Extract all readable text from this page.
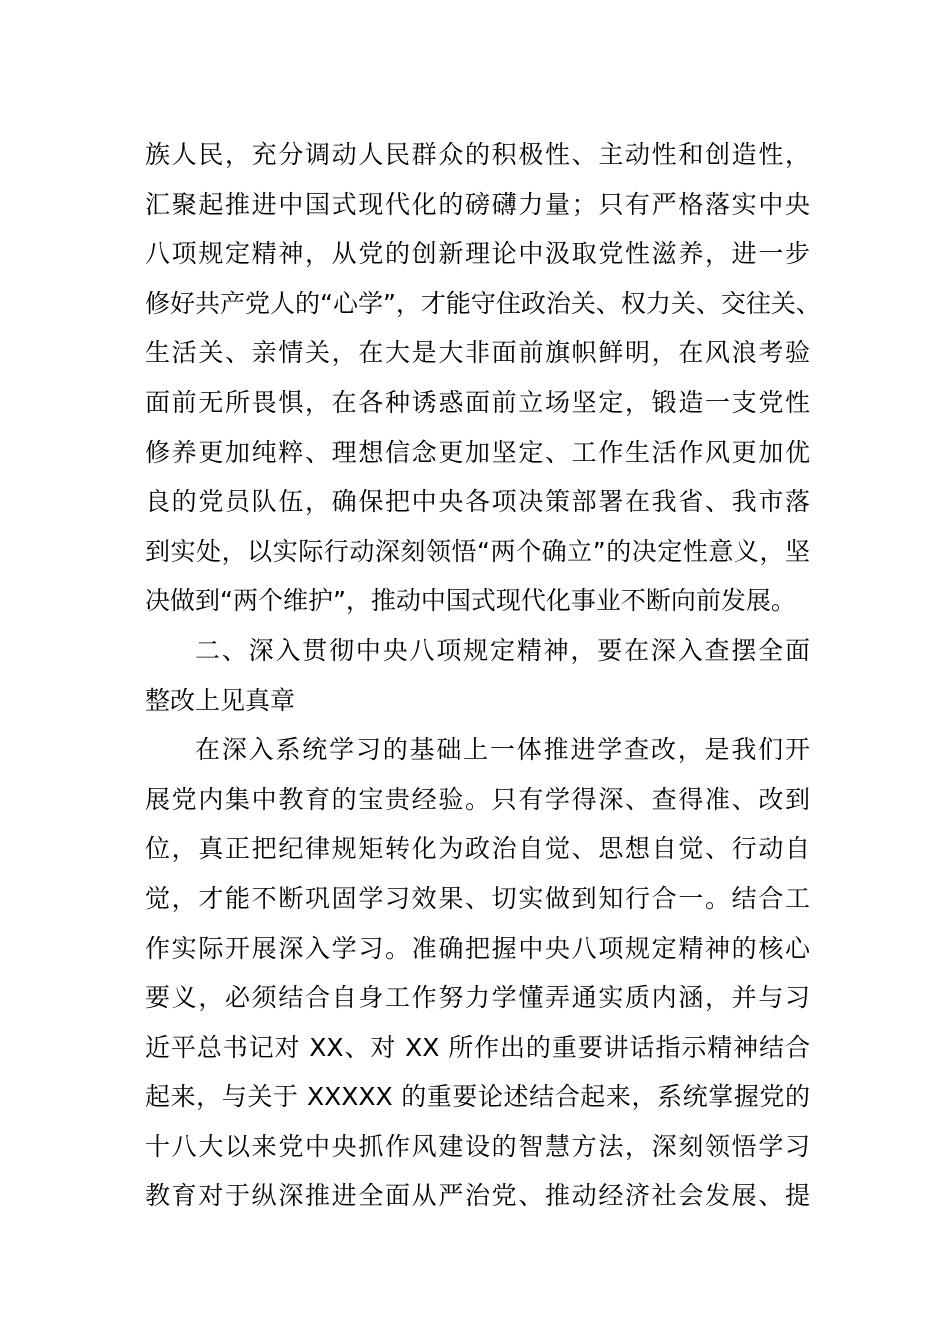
族人民，充分调动人民群众的积极性、主动性和创造性，
汇聚起推进中国式现代化的磅礴力量；只有严格落实中央
八项规定精神，从党的创新理论中汲取党性滋养，进一步
修好共产党人的“心学”，才能守住政治关、权力关、交往关、
生活关、亲情关，在大是大非面前旗帜鲜明，在风浪考验
面前无所畏惧，在各种诱惑面前立场坚定，锻造一支党性
修养更加纯粹、理想信念更加坚定、工作生活作风更加优
良的党员队伍，确保把中央各项决策部署在我省、我市落
到实处，以实际行动深刻领悟“两个确立”的决定性意义，坚
决做到“两个维护”，推动中国式现代化事业不断向前发展。
二、深入贯彻中央八项规定精神，要在深入查摆全面
整改上见真章
在深入系统学习的基础上一体推进学查改，是我们开
展党内集中教育的宝贵经验。只有学得深、查得准、改到
位，真正把纪律规矩转化为政治自觉、思想自觉、行动自
觉，才能不断巩固学习效果、切实做到知行合一。结合工
作实际开展深入学习。准确把握中央八项规定精神的核心
要义，必须结合自身工作努力学懂弄通实质内涵，并与习
近平总书记对 XX、对 XX 所作出的重要讲话指示精神结合
起来，与关于 XXXXX 的重要论述结合起来，系统掌握党的
十八大以来党中央抓作风建设的智慧方法，深刻领悟学习
教育对于纵深推进全面从严治党、推动经济社会发展、提
